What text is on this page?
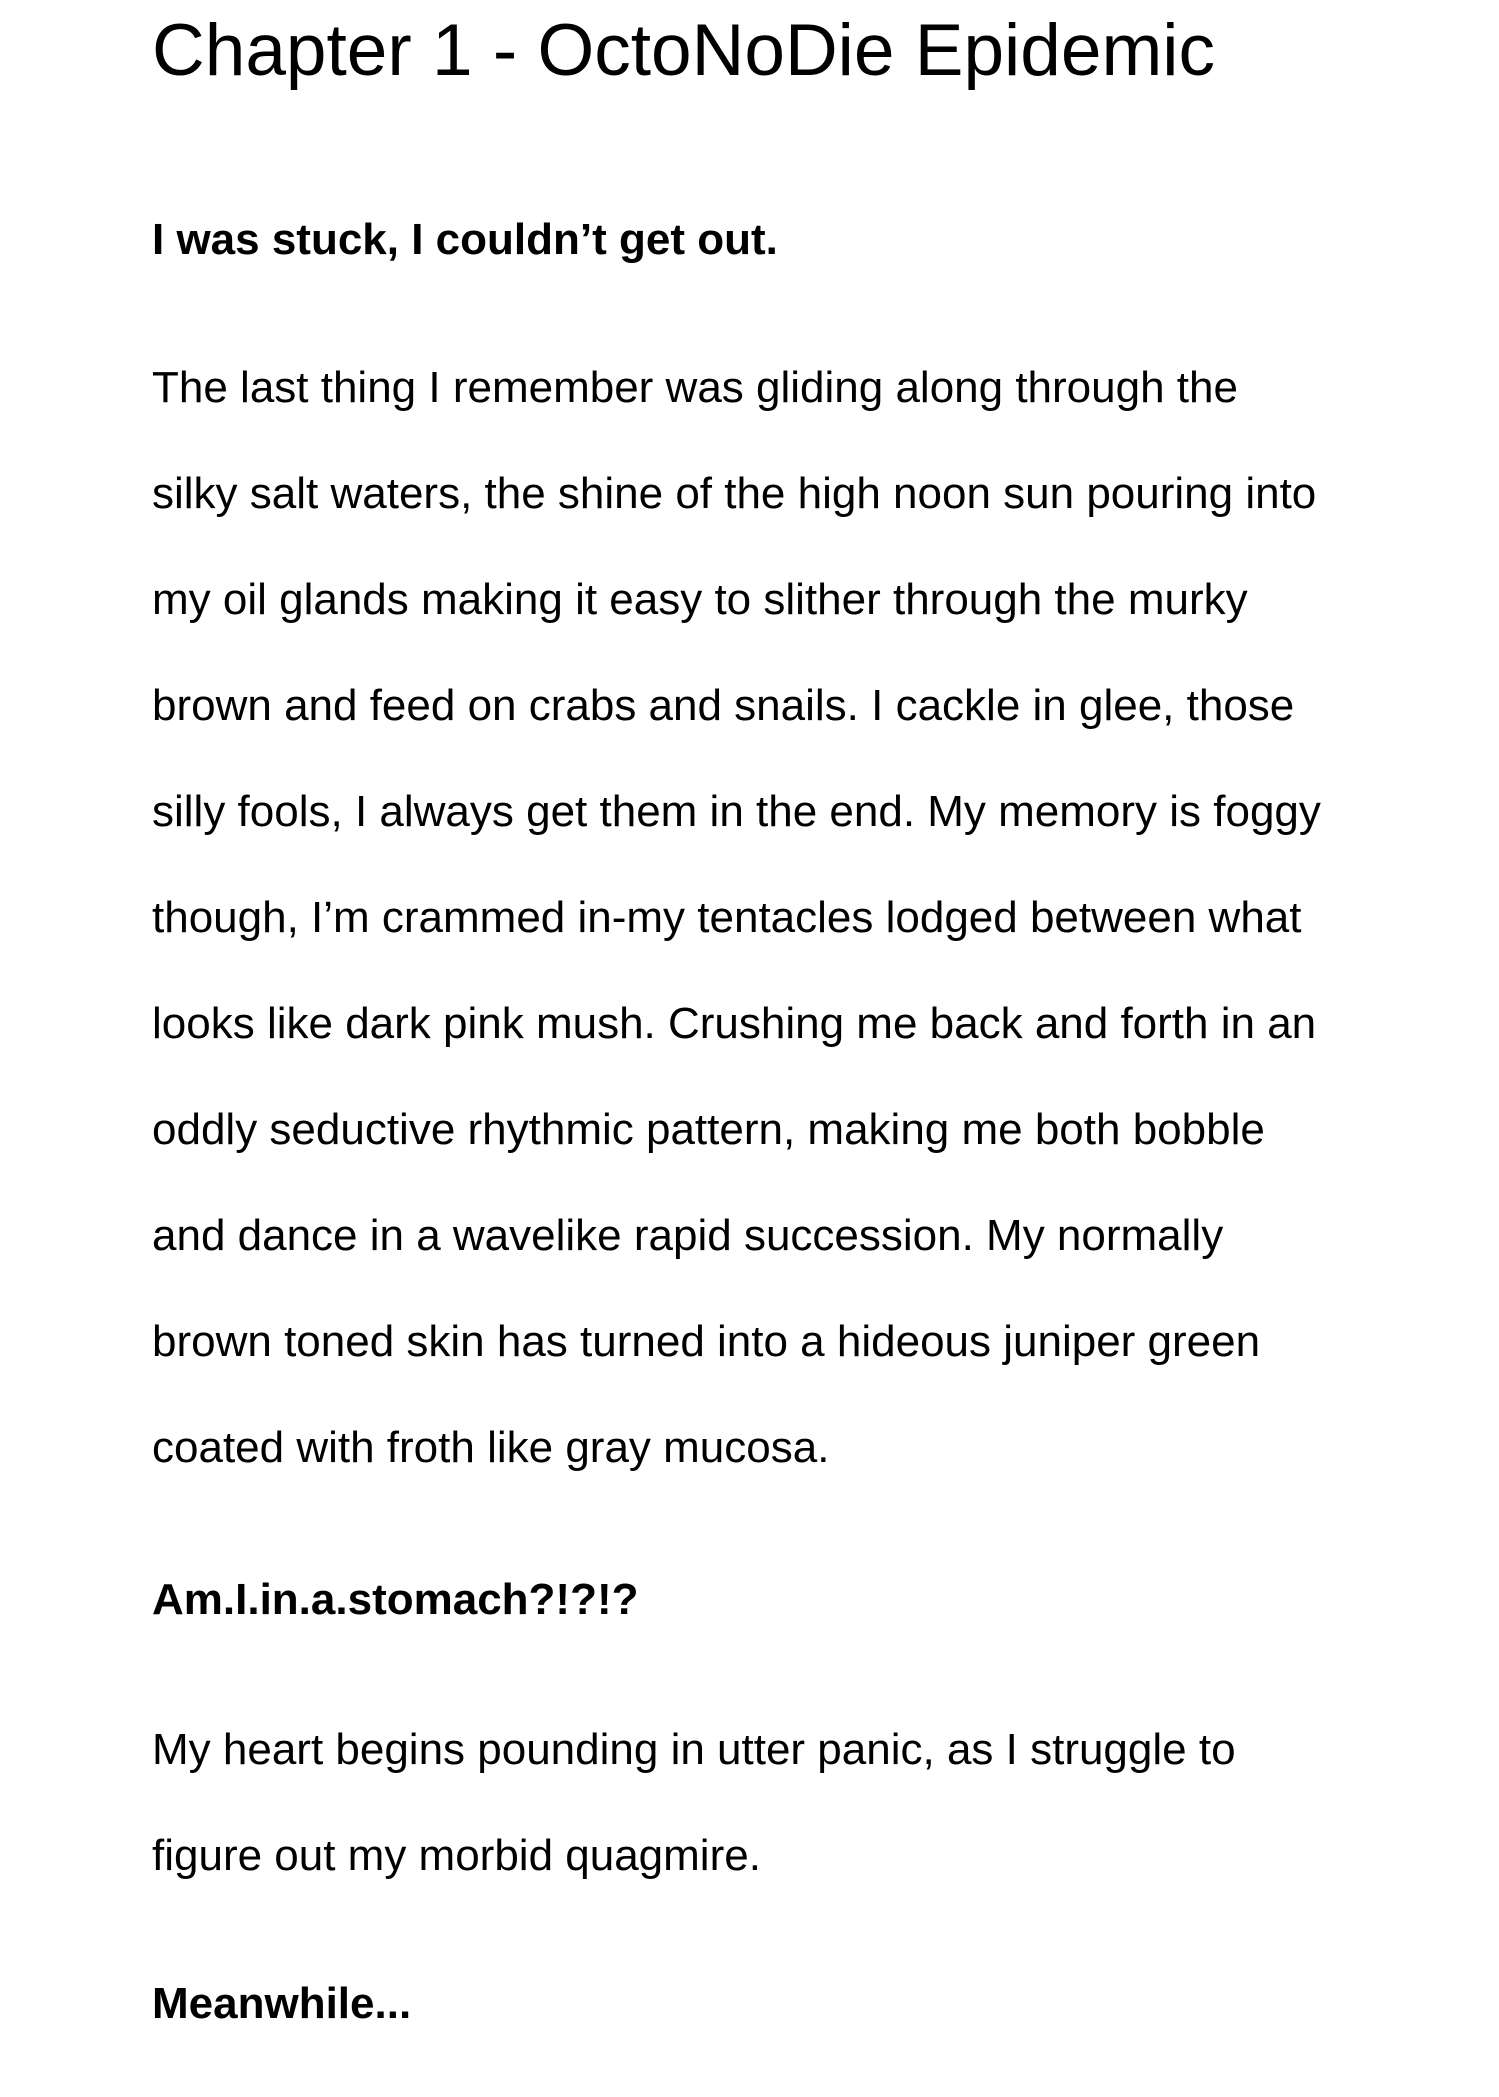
Chapter 1 - OctoNoDie Epidemic

I was stuck, I couldn’t get out.

The last thing I remember was gliding along through the
silky salt waters, the shine of the high noon sun pouring into
my oil glands making it easy to slither through the murky
brown and feed on crabs and snails. I cackle in glee, those
silly fools, I always get them in the end. My memory is foggy
though, I’m crammed in-my tentacles lodged between what
looks like dark pink mush. Crushing me back and forth in an
oddly seductive rhythmic pattern, making me both bobble
and dance in a wavelike rapid succession. My normally
brown toned skin has turned into a hideous juniper green
coated with froth like gray mucosa.

Am.I.in.a.stomach?!?!?

My heart begins pounding in utter panic, as I struggle to
figure out my morbid quagmire.

Meanwhile...
